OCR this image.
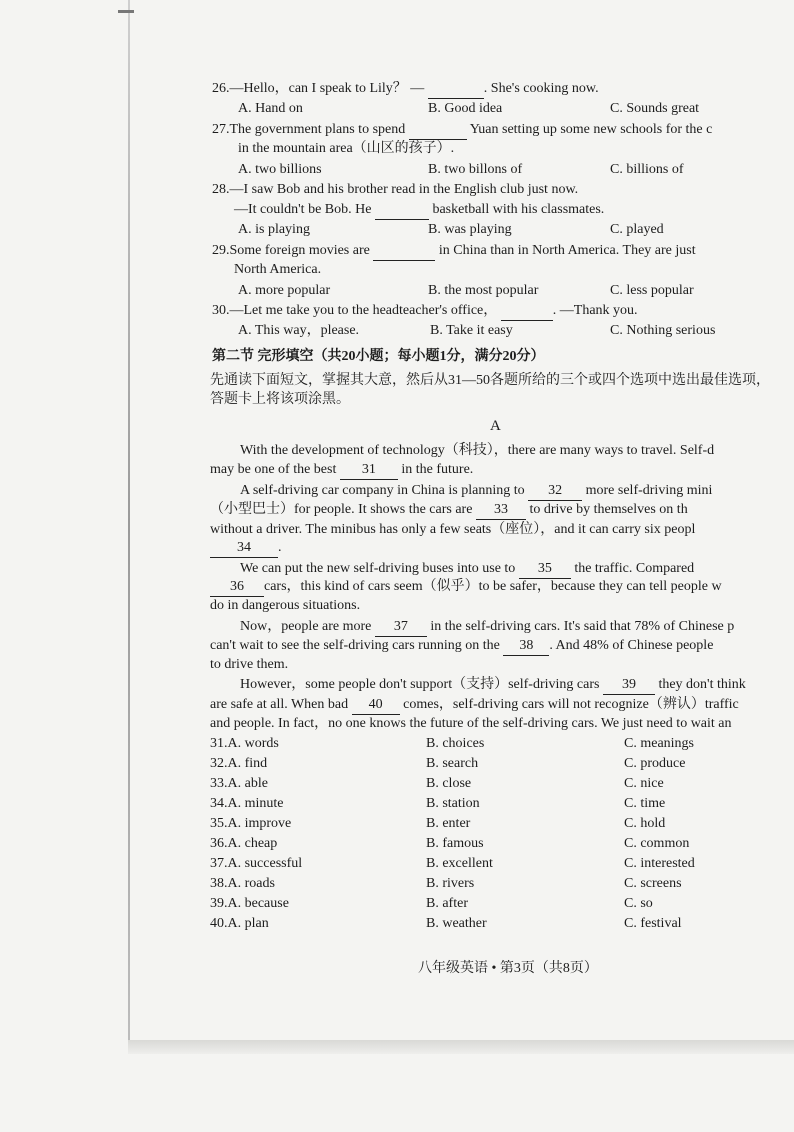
26.—Hello，can I speak to Lily？ —	. She's cooking now.
A. Hand on	B. Good idea	C. Sounds great
27.The government plans to spend	Yuan setting up some new schools for the c
in the mountain area（山区的孩子）.
A. two billions	B. two billons of	C. billions of
28.—I saw Bob and his brother read in the English club just now.
—It couldn't be Bob. He	basketball with his classmates.
A. is playing	B. was playing	C. played
29.Some foreign movies are	in China than in North America. They are just
North America.
A. more popular	B. the most popular	C. less popular
30.—Let me take you to the headteacher's office，	. —Thank you.
A. This way，please.	B. Take it easy	C. Nothing serious
第二节 完形填空（共20小题；每小题1分，满分20分）
先通读下面短文，掌握其大意，然后从31—50各题所给的三个或四个选项中选出最佳选项，
答题卡上将该项涂黑。
A
With the development of technology（科技），there are many ways to travel. Self-d
may be one of the best 31 in the future.
A self-driving car company in China is planning to 32 more self-driving mini
（小型巴士）for people. It shows the cars are 33 to drive by themselves on th
without a driver. The minibus has only a few seats（座位），and it can carry six peopl
34 .
We can put the new self-driving buses into use to 35 the traffic. Compared
36 cars，this kind of cars seem（似乎）to be safer，because they can tell people w
do in dangerous situations.
Now，people are more 37 in the self-driving cars. It's said that 78% of Chinese p
can't wait to see the self-driving cars running on the 38 . And 48% of Chinese people
to drive them.
However，some people don't support（支持）self-driving cars 39 they don't think
are safe at all. When bad 40 comes，self-driving cars will not recognize（辨认）traffic
and people. In fact，no one knows the future of the self-driving cars. We just need to wait an
31.A. words	B. choices	C. meanings
32.A. find	B. search	C. produce
33.A. able	B. close	C. nice
34.A. minute	B. station	C. time
35.A. improve	B. enter	C. hold
36.A. cheap	B. famous	C. common
37.A. successful	B. excellent	C. interested
38.A. roads	B. rivers	C. screens
39.A. because	B. after	C. so
40.A. plan	B. weather	C. festival
八年级英语 • 第3页（共8页）
